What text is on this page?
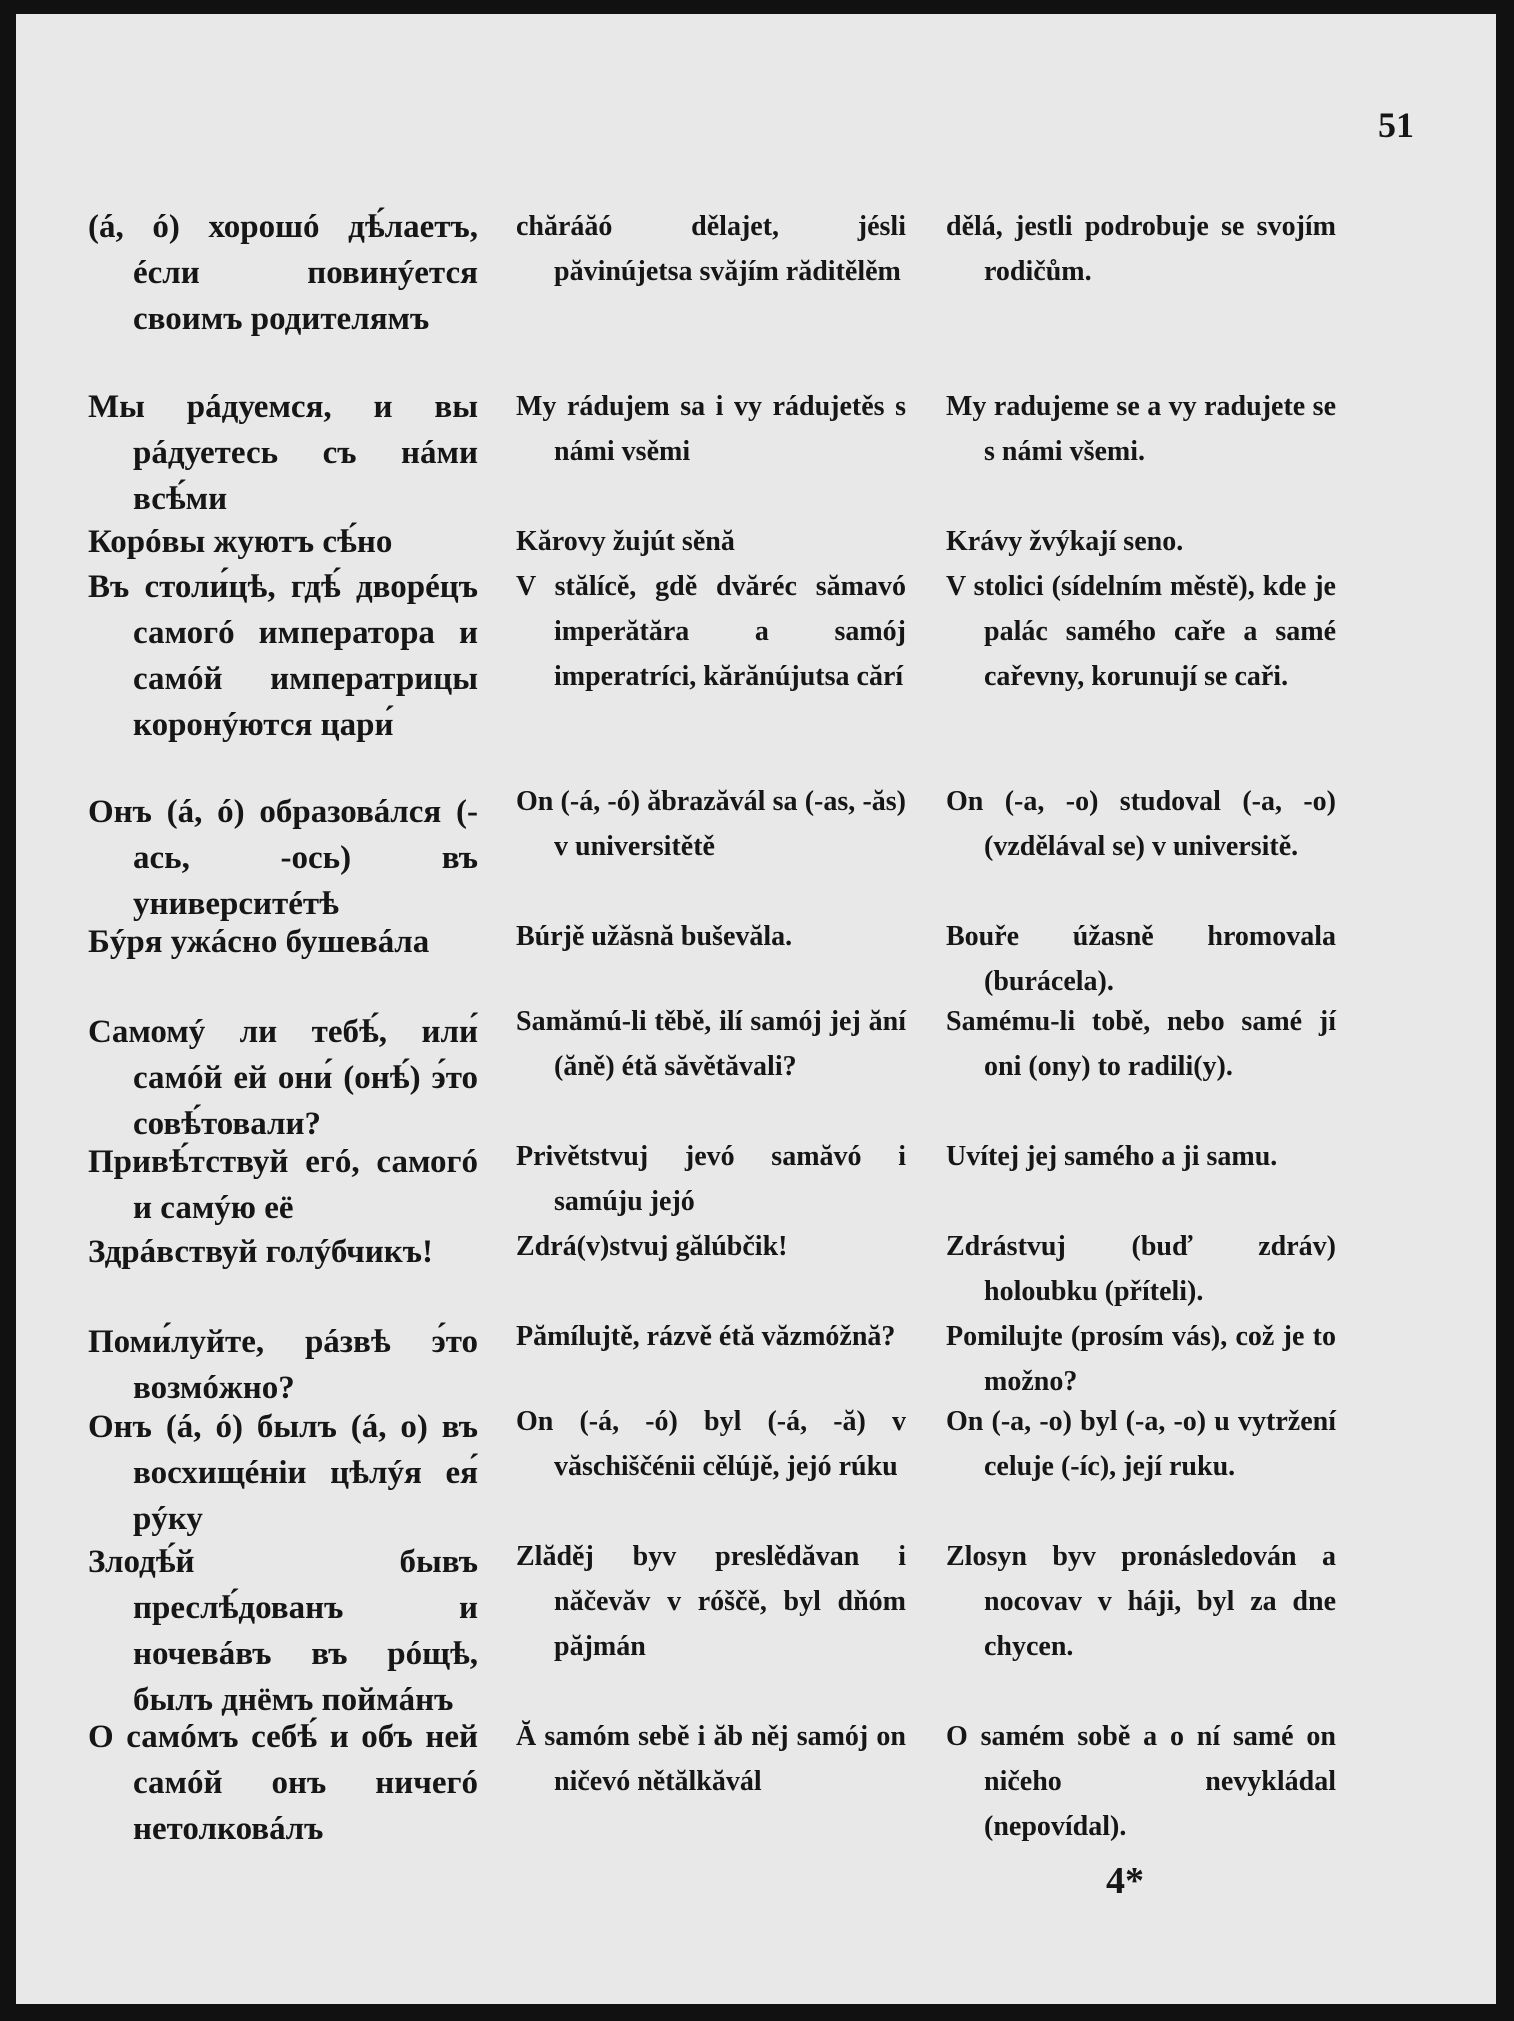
51
(á, ó) хорошó дѣ́лаетъ, éсли повинýется своимъ родителямъ
Мы рáдуемся, и вы рáдуетесь съ нáми всѣ́ми
Корóвы жуютъ сѣ́но
Въ столи́цѣ, гдѣ́ дворéцъ самогó императора и самóй императрицы коронýются цари́
Онъ (á, ó) образовáлся (-ась, -ось) въ университéтѣ
Бýря ужáсно бушевáла
Самомý ли тебѣ́, или́ самóй ей они́ (онѣ́) э́то совѣ́товали?
Привѣ́тствуй егó, самогó и самýю её
Здрáвствуй голýбчикъ!
Поми́луйте, рáзвѣ э́то возмóжно?
Онъ (á, ó) былъ (á, о) въ восхищéніи цѣлýя ея́ рýку
Злодѣ́й бывъ преслѣ́дованъ и ночевáвъ въ рóщѣ, былъ днёмъ поймáнъ
О самóмъ себѣ́ и объ ней самóй онъ ничегó нетолковáлъ
chăráăó dělajet, jésli păvinújetsa svăjím răditělěm
My rádujem sa i vy rádujetěs s námi vsěmi
Kărovy žujút sěnă
V stălícě, gdě dvăréc sămavó imperătăra a samój imperatríci, kărănújutsa cărí
On (-á, -ó) ăbrazăvál sa (-as, -ăs) v universitětě
Búrjě užăsnă buševăla.
Samămú-li těbě, ilí samój jej ăní (ăně) étă săvětăvali?
Privětstvuj jevó samăvó i samúju jejó
Zdrá(v)stvuj gălúbčik!
Pămílujtě, rázvě étă văzmóžnă?
On (-á, -ó) byl (-á, -ă) v văschiščénii cělújě, jejó rúku
Zlăděj byv preslědăvan i năčevăv v róščě, byl dňóm păjmán
Ă samóm sebě i ăb něj samój on ničevó nětălkăvál
dělá, jestli podrobuje se svojím rodičům.
My radujeme se a vy radujete se s námi všemi.
Krávy žvýkají seno.
V stolici (sídelním městě), kde je palác samého caře a samé cařevny, korunují se caři.
On (-a, -o) studoval (-a, -o) (vzdělával se) v universitě.
Bouře úžasně hromovala (burácela).
Samému-li tobě, nebo samé jí oni (ony) to radili(y).
Uvítej jej samého a ji samu.
Zdrástvuj (buď zdráv) holoubku (příteli).
Pomilujte (prosím vás), což je to možno?
On (-a, -o) byl (-a, -o) u vytržení celuje (-íc), její ruku.
Zlosyn byv pronásledován a nocovav v háji, byl za dne chycen.
O samém sobě a o ní samé on ničeho nevykládal (nepovídal).
4*
